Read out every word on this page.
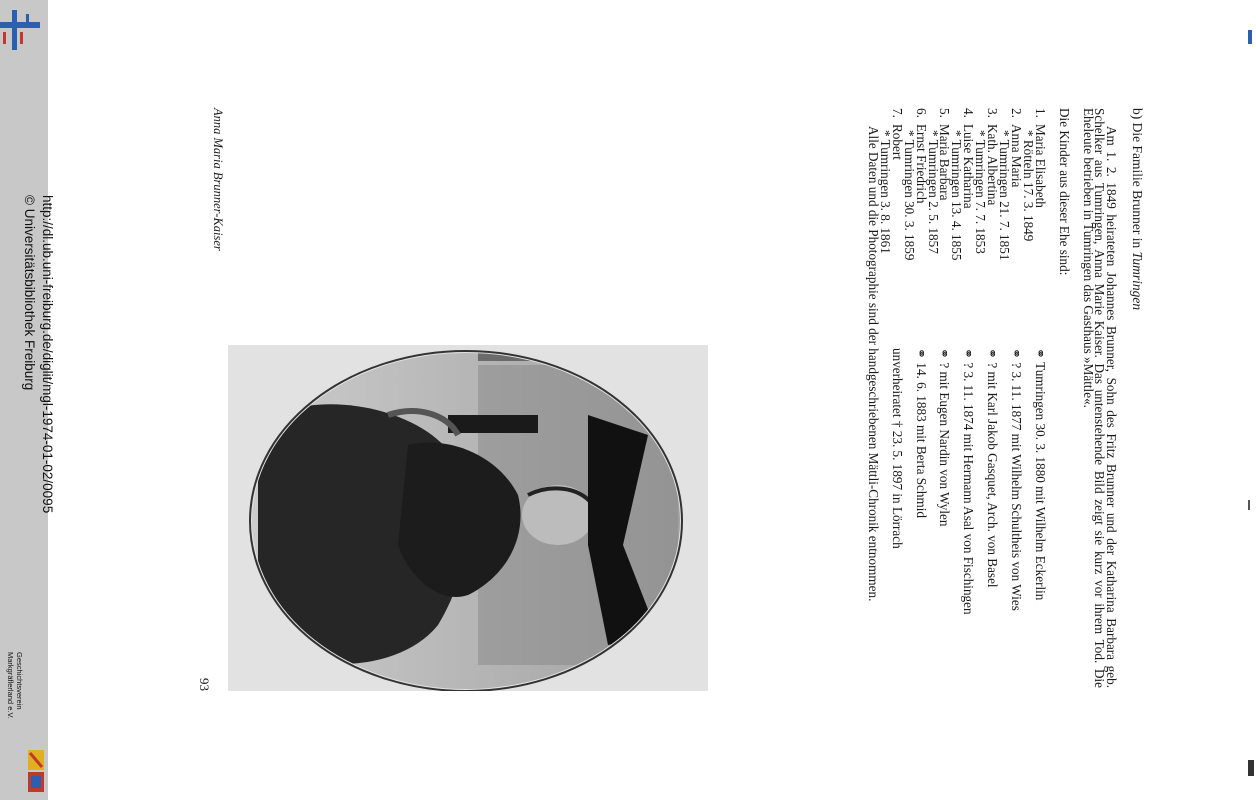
http://dl.ub.uni-freiburg.de/diglit/mgl-1974-01-02/0095
© Universitätsbibliothek Freiburg
Geschichtsverein
Markgräflerland e.V.

b) Die Familie Brunner in Tumringen

Am 1. 2. 1849 heirateten Johannes Brunner, Sohn des Fritz Brunner und der Katharina Barbara geb. Schelker aus Tumringen, Anna Marie Kaiser. Das untenstehende Bild zeigt sie kurz vor ihrem Tod. Die Eheleute betrieben in Tumringen das Gasthaus »Mättle«.

Die Kinder aus dieser Ehe sind:

1.
Maria Elisabeth
⚭ Tumringen 30. 3. 1880 mit Wilhelm Eckerlin
* Rötteln 17. 3. 1849
2.
Anna Maria
⚭ ? 3. 11. 1877 mit Wilhelm Schultheis von Wies
* Tumringen 21. 7. 1851
3.
Kath. Albertina
⚭ ? mit Karl Jakob Gasquet, Arch. von Basel
* Tumringen 7. 7. 1853
4.
Luise Katharina
⚭ ? 3. 11. 1874 mit Hermann Asal von Fischingen
* Tumringen 13. 4. 1855
5.
Maria Barbara
⚭ ? mit Eugen Nardin von Wylen
* Tumringen 2. 5. 1857
6.
Ernst Friedrich
⚭ 14. 6. 1883 mit Berta Schmid
* Tumringen 30. 3. 1859
7.
Robert
unverheiratet † 23. 5. 1897 in Lörrach
* Tumringen 3. 8. 1861

Alle Daten und die Photographie sind der handgeschriebenen Mättli-Chronik entnommen.

Anna Maria Brunner-Kaiser
93
